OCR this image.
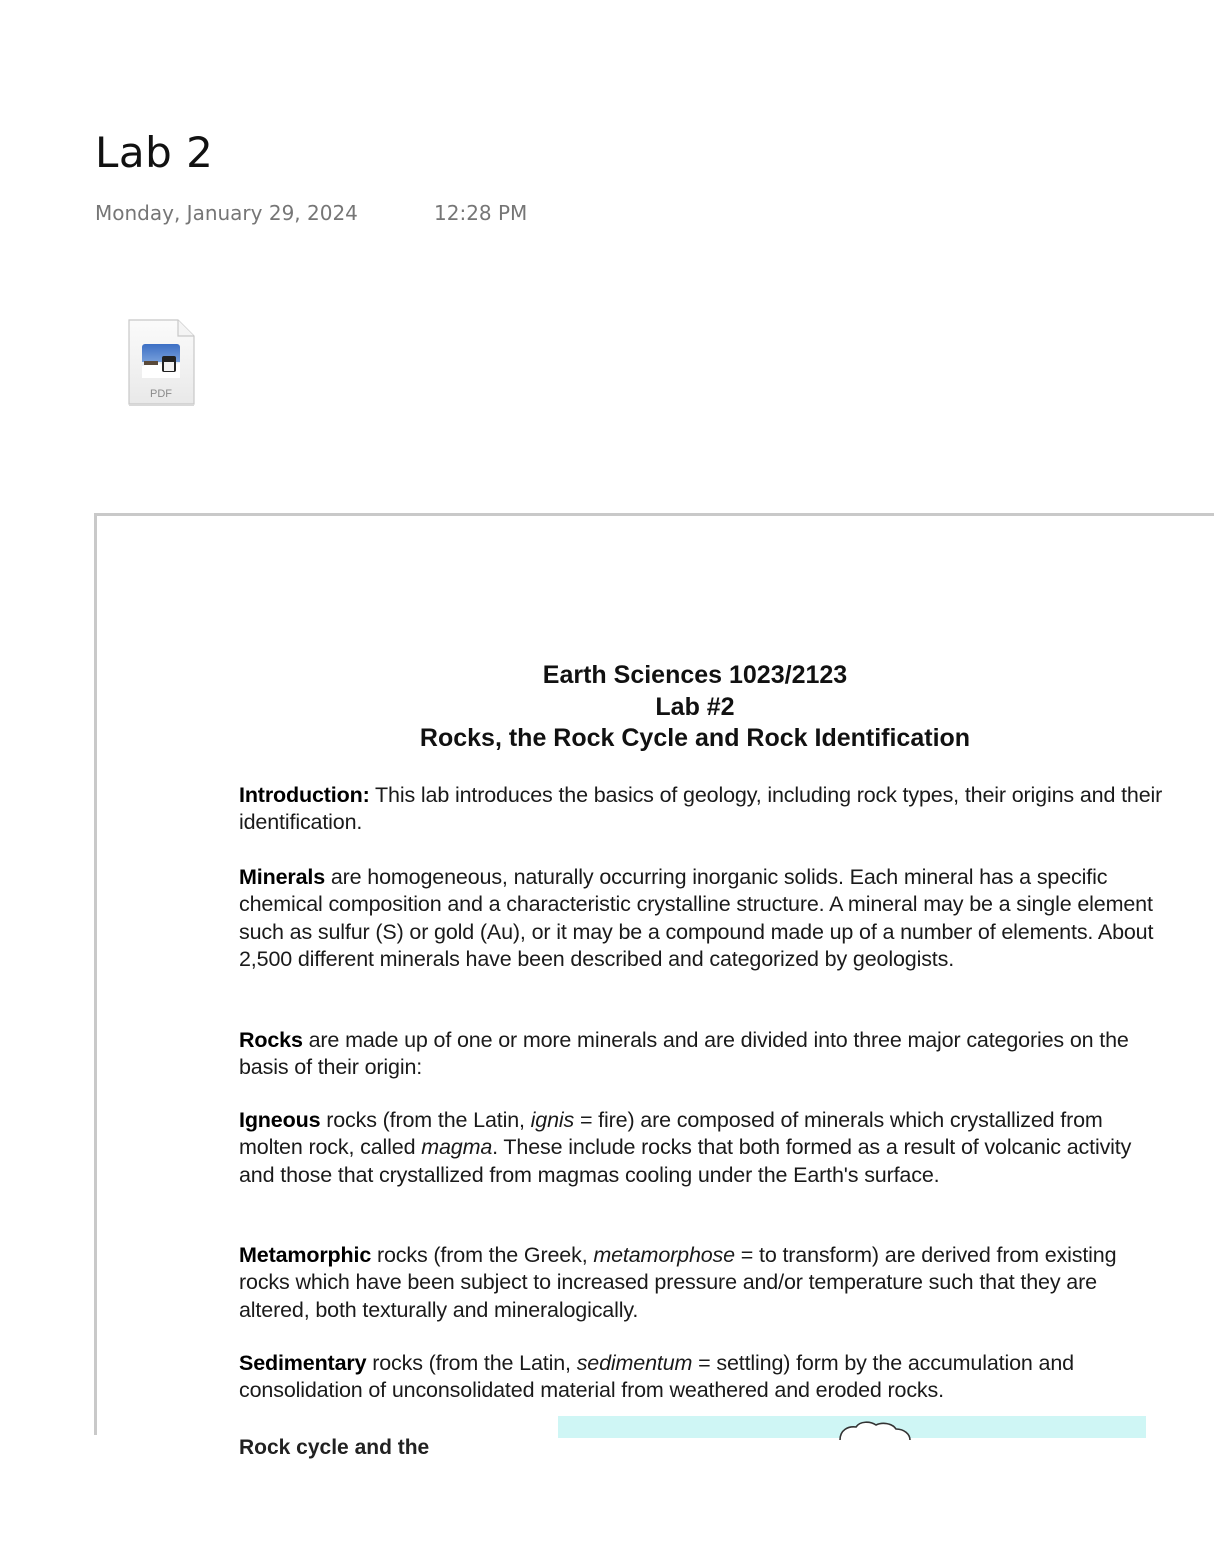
Lab 2
Monday, January 29, 2024	12:28 PM
PDF
Earth Sciences 1023/2123
Lab #2
Rocks, the Rock Cycle and Rock Identification
Introduction: This lab introduces the basics of geology, including rock types, their origins and their identification.
Minerals are homogeneous, naturally occurring inorganic solids. Each mineral has a specific chemical composition and a characteristic crystalline structure. A mineral may be a single element such as sulfur (S) or gold (Au), or it may be a compound made up of a number of elements. About 2,500 different minerals have been described and categorized by geologists.
Rocks are made up of one or more minerals and are divided into three major categories on the basis of their origin:
Igneous rocks (from the Latin, ignis = fire) are composed of minerals which crystallized from molten rock, called magma. These include rocks that both formed as a result of volcanic activity and those that crystallized from magmas cooling under the Earth's surface.
Metamorphic rocks (from the Greek, metamorphose = to transform) are derived from existing rocks which have been subject to increased pressure and/or temperature such that they are altered, both texturally and mineralogically.
Sedimentary rocks (from the Latin, sedimentum = settling) form by the accumulation and consolidation of unconsolidated material from weathered and eroded rocks.
Rock cycle and the
